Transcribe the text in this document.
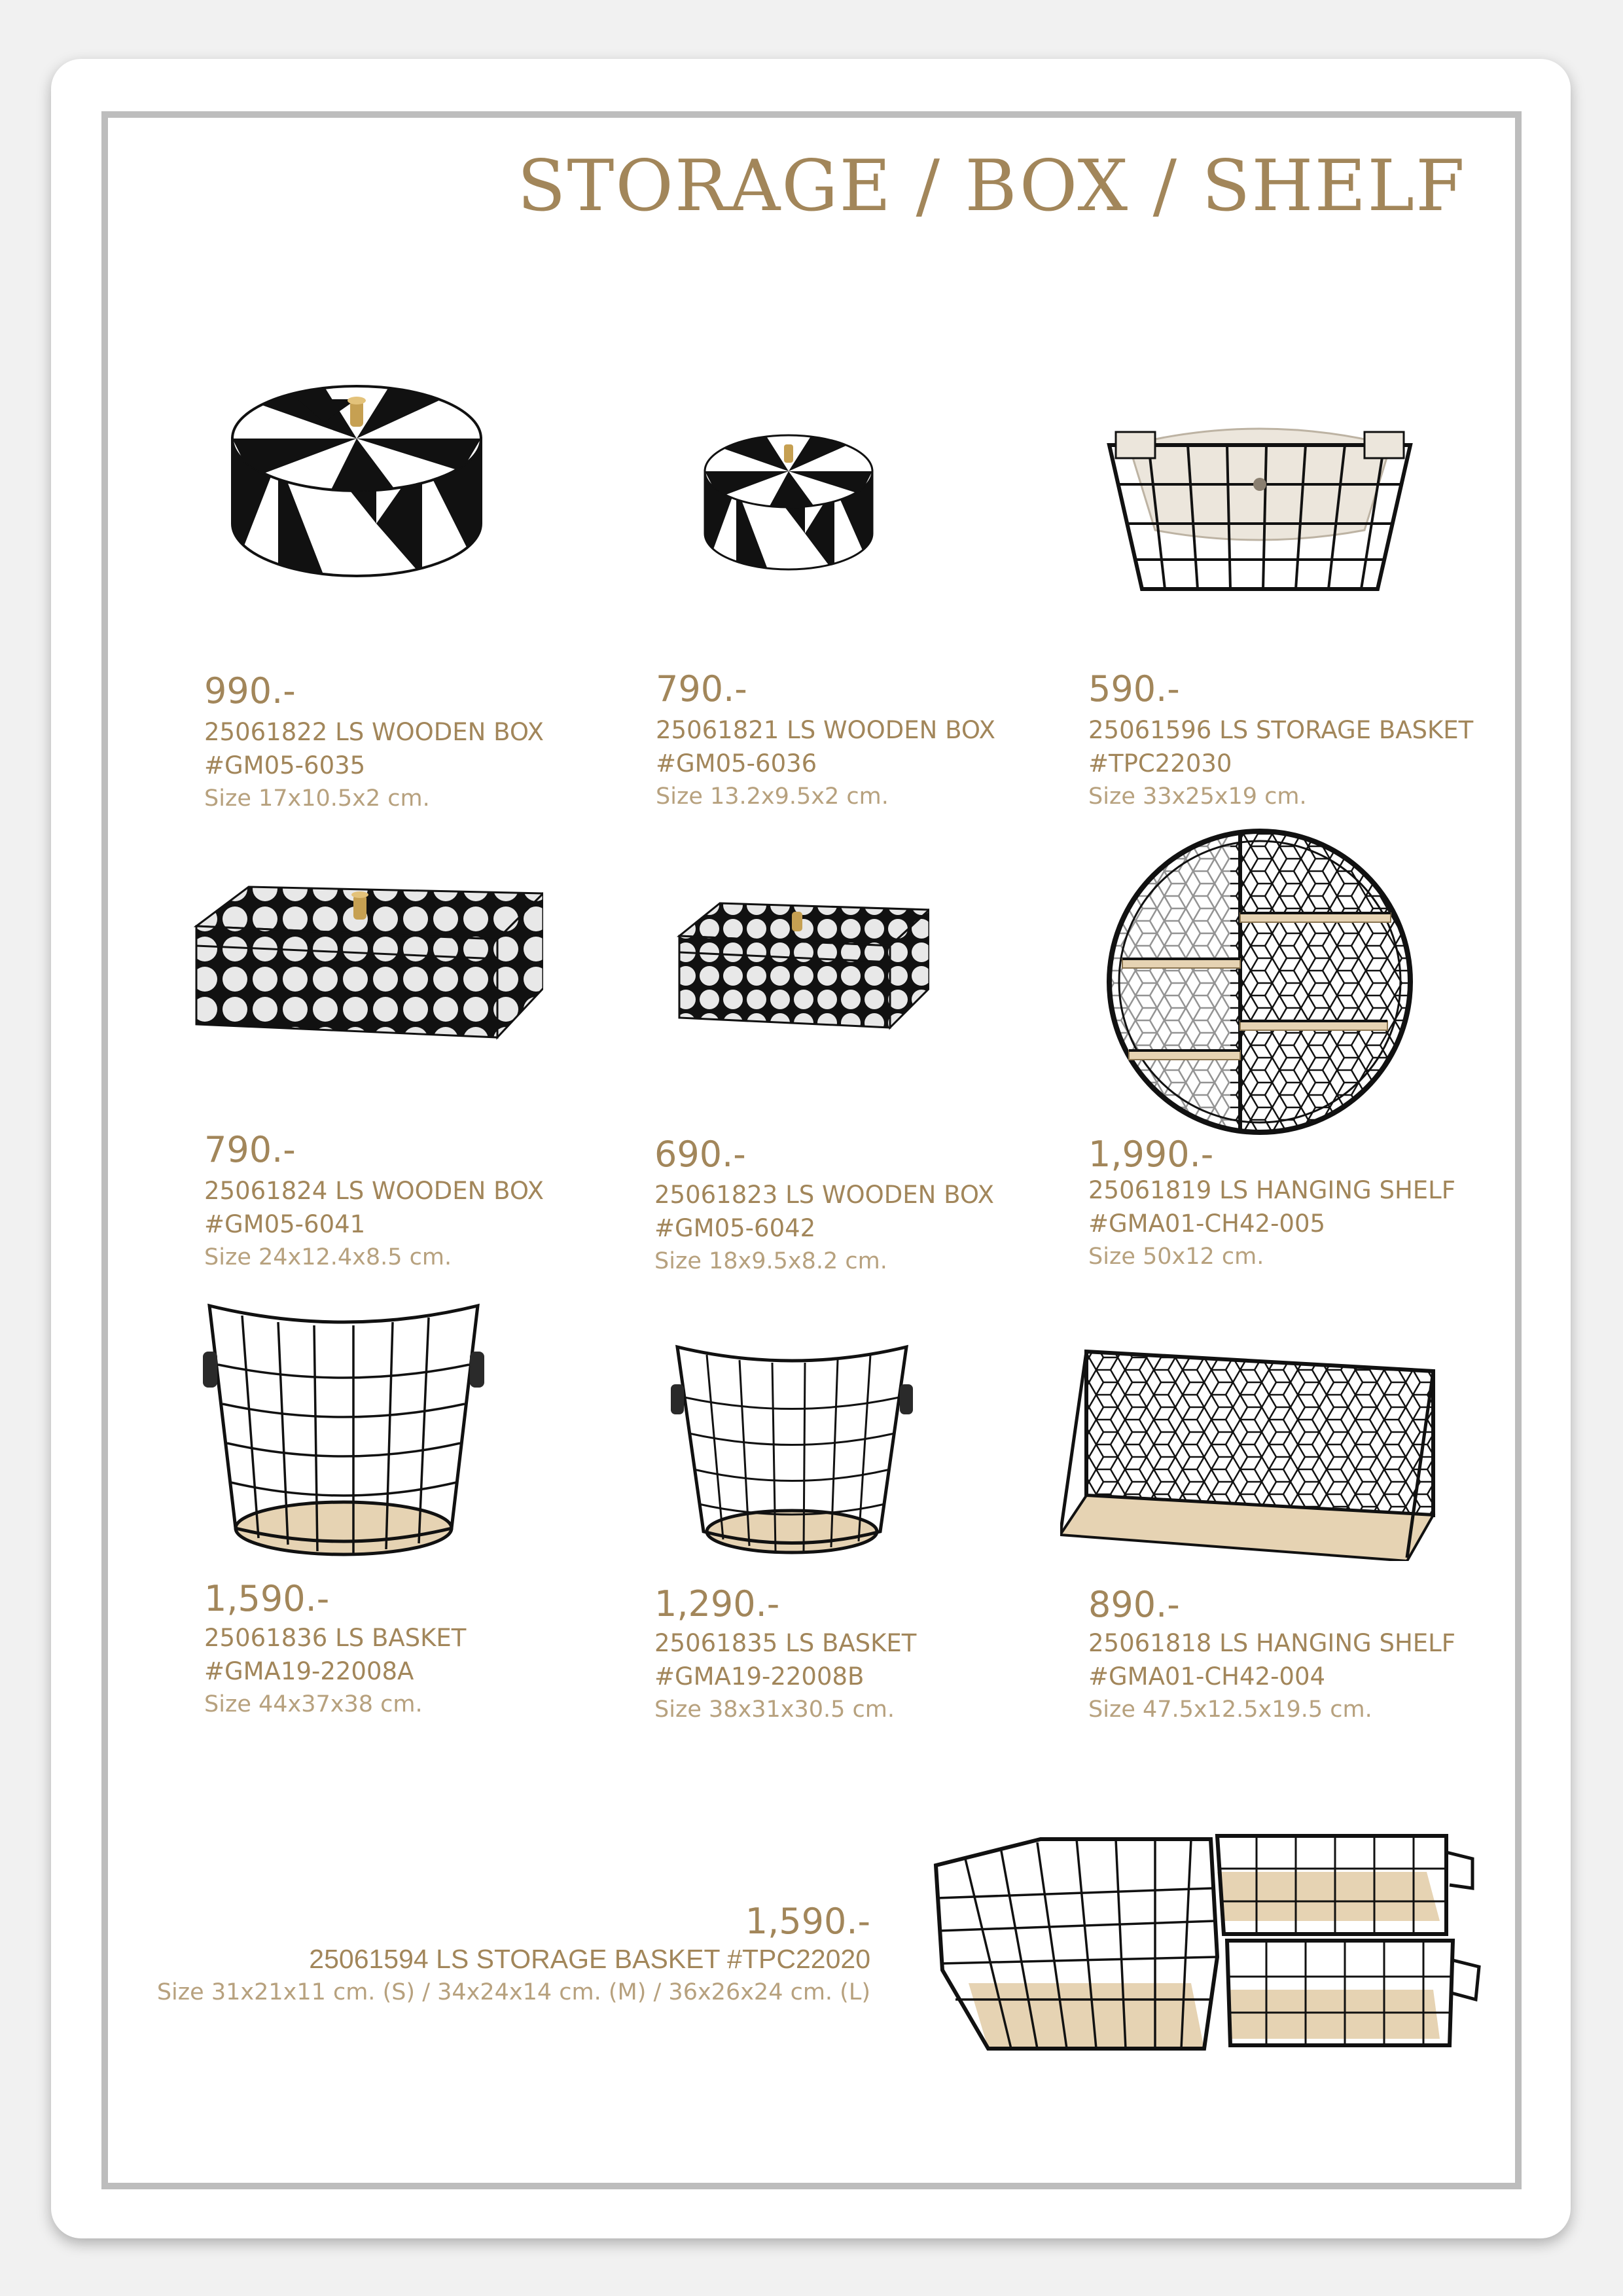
STORAGE / BOX / SHELF
990.-
25061822 LS WOODEN BOX
#GM05-6035
Size 17x10.5x2 cm.
790.-
25061821 LS WOODEN BOX
#GM05-6036
Size 13.2x9.5x2 cm.
590.-
25061596 LS STORAGE BASKET
#TPC22030
Size 33x25x19 cm.
790.-
25061824 LS WOODEN BOX
#GM05-6041
Size 24x12.4x8.5 cm.
690.-
25061823 LS WOODEN BOX
#GM05-6042
Size 18x9.5x8.2 cm.
1,990.-
25061819 LS HANGING SHELF
#GMA01-CH42-005
Size 50x12 cm.
1,590.-
25061836 LS BASKET
#GMA19-22008A
Size 44x37x38 cm.
1,290.-
25061835 LS BASKET
#GMA19-22008B
Size 38x31x30.5 cm.
890.-
25061818 LS HANGING SHELF
#GMA01-CH42-004
Size 47.5x12.5x19.5 cm.
1,590.-
25061594 LS STORAGE BASKET #TPC22020
Size 31x21x11 cm. (S) / 34x24x14 cm. (M) / 36x26x24 cm. (L)
